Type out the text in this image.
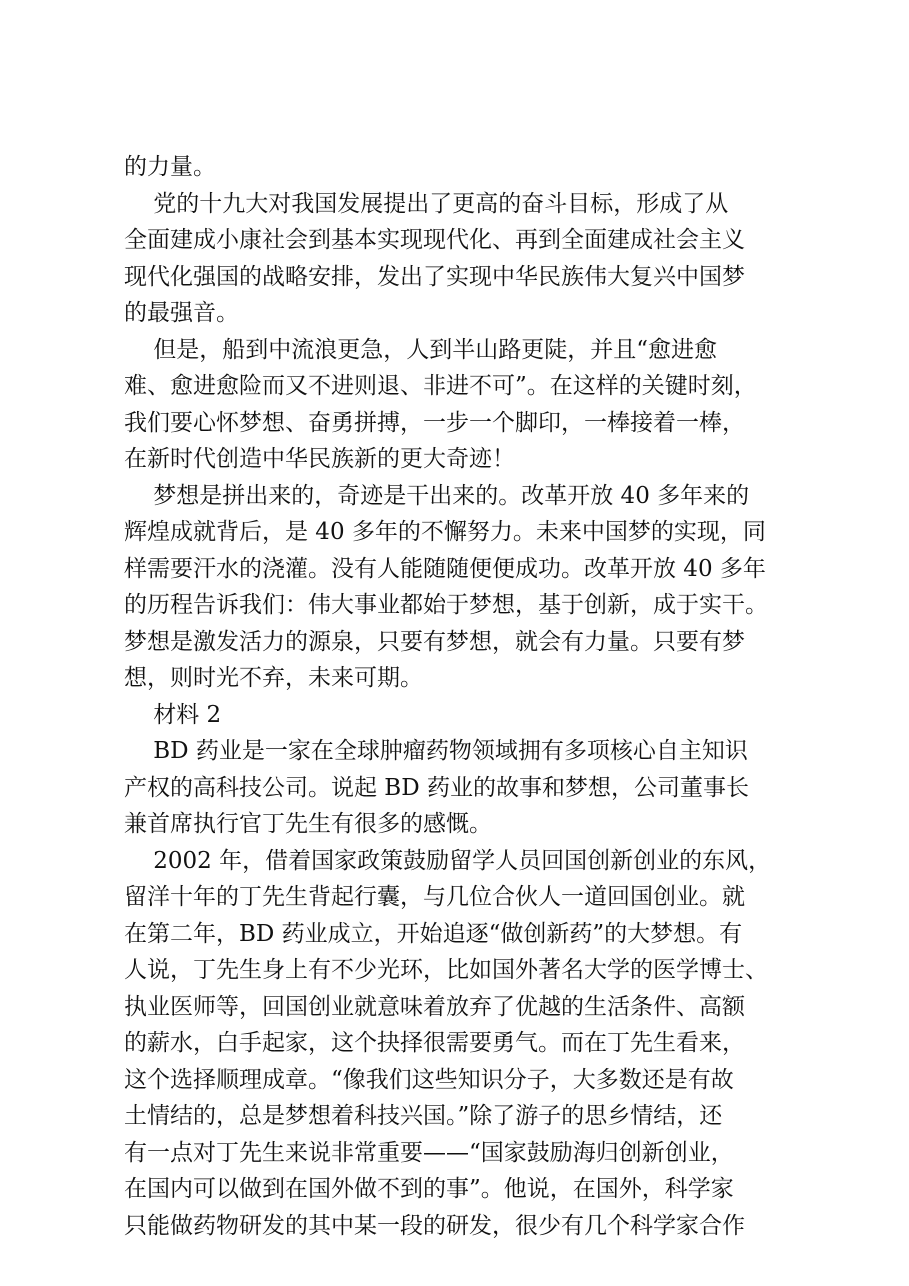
的力量。

党的十九大对我国发展提出了更高的奋斗目标，形成了从

全面建成小康社会到基本实现现代化、再到全面建成社会主义

现代化强国的战略安排，发出了实现中华民族伟大复兴中国梦

的最强音。

但是，船到中流浪更急，人到半山路更陡，并且“愈进愈

难、愈进愈险而又不进则退、非进不可”。在这样的关键时刻，

我们要心怀梦想、奋勇拼搏，一步一个脚印，一棒接着一棒，

在新时代创造中华民族新的更大奇迹！

梦想是拼出来的，奇迹是干出来的。改革开放 40 多年来的

辉煌成就背后，是 40 多年的不懈努力。未来中国梦的实现，同

样需要汗水的浇灌。没有人能随随便便成功。改革开放 40 多年

的历程告诉我们：伟大事业都始于梦想，基于创新，成于实干。

梦想是激发活力的源泉，只要有梦想，就会有力量。只要有梦

想，则时光不弃，未来可期。

材料 2

BD 药业是一家在全球肿瘤药物领域拥有多项核心自主知识

产权的高科技公司。说起 BD 药业的故事和梦想，公司董事长

兼首席执行官丁先生有很多的感慨。

2002 年，借着国家政策鼓励留学人员回国创新创业的东风，

留洋十年的丁先生背起行囊，与几位合伙人一道回国创业。就

在第二年，BD 药业成立，开始追逐“做创新药”的大梦想。有

人说，丁先生身上有不少光环，比如国外著名大学的医学博士、

执业医师等，回国创业就意味着放弃了优越的生活条件、高额

的薪水，白手起家，这个抉择很需要勇气。而在丁先生看来，

这个选择顺理成章。“像我们这些知识分子，大多数还是有故

土情结的，总是梦想着科技兴国。”除了游子的思乡情结，还

有一点对丁先生来说非常重要——“国家鼓励海归创新创业，

在国内可以做到在国外做不到的事”。他说，在国外，科学家

只能做药物研发的其中某一段的研发，很少有几个科学家合作
